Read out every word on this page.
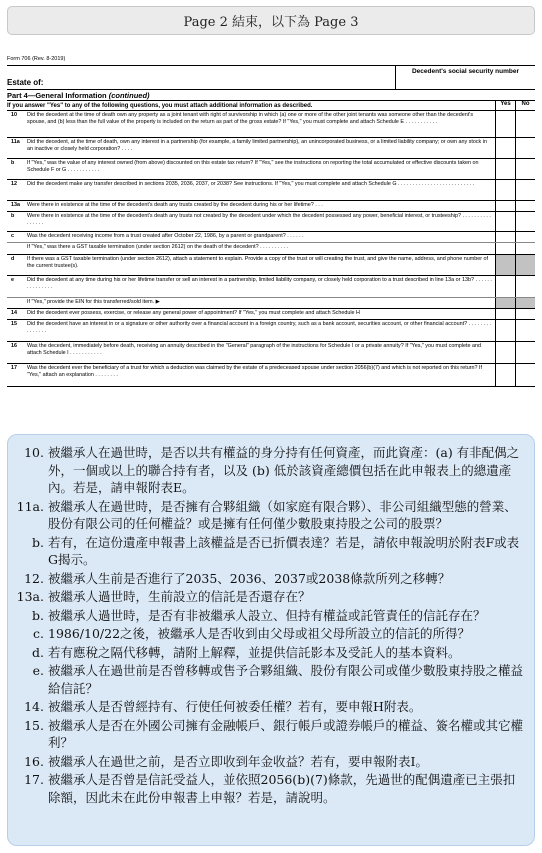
Page 2 結束，以下為 Page 3
Form 706 (Rev. 8-2019)
Estate of:
Decedent's social security number
Part 4—General Information (continued)
If you answer "Yes" to any of the following questions, you must attach additional information as described.	Yes	No
10	Did the decedent at the time of death own any property as a joint tenant with right of survivorship in which (a) one or more of the other joint tenants was someone other than the decedent's spouse, and (b) less than the full value of the property is included on the return as part of the gross estate? If "Yes," you must complete and attach Schedule E . . . . . . . . . . .
11a	Did the decedent, at the time of death, own any interest in a partnership (for example, a family limited partnership), an unincorporated business, or a limited liability company; or own any stock in an inactive or closely held corporation? . . . .
b	If "Yes," was the value of any interest owned (from above) discounted on this estate tax return? If "Yes," see the instructions on reporting the total accumulated or effective discounts taken on Schedule F or G . . . . . . . . . . .
12	Did the decedent make any transfer described in sections 2035, 2036, 2037, or 2038? See instructions. If "Yes," you must complete and attach Schedule G . . . . . . . . . . . . . . . . . . . . . . . . . .
13a	Were there in existence at the time of the decedent's death any trusts created by the decedent during his or her lifetime? . . .
b	Were there in existence at the time of the decedent's death any trusts not created by the decedent under which the decedent possessed any power, beneficial interest, or trusteeship? . . . . . . . . . . . . . . . .
c	Was the decedent receiving income from a trust created after October 22, 1986, by a parent or grandparent? . . . . . .
If "Yes," was there a GST taxable termination (under section 2612) on the death of the decedent? . . . . . . . . . .
d	If there was a GST taxable termination (under section 2612), attach a statement to explain. Provide a copy of the trust or will creating the trust, and give the name, address, and phone number of the current trustee(s).
e	Did the decedent at any time during his or her lifetime transfer or sell an interest in a partnership, limited liability company, or closely held corporation to a trust described in line 13a or 13b? . . . . . . . . . . . . . . .
If "Yes," provide the EIN for this transferred/sold item. ▶
14	Did the decedent ever possess, exercise, or release any general power of appointment? If "Yes," you must complete and attach Schedule H
15	Did the decedent have an interest in or a signature or other authority over a financial account in a foreign country, such as a bank account, securities account, or other financial account? . . . . . . . . . . . . . . .
16	Was the decedent, immediately before death, receiving an annuity described in the "General" paragraph of the instructions for Schedule I or a private annuity? If "Yes," you must complete and attach Schedule I . . . . . . . . . . .
17	Was the decedent ever the beneficiary of a trust for which a deduction was claimed by the estate of a predeceased spouse under section 2056(b)(7) and which is not reported on this return? If "Yes," attach an explanation . . . . . . . .
10. 被繼承人在過世時，是否以共有權益的身分持有任何資產，而此資產：(a) 有非配偶之外，一個或以上的聯合持有者，以及 (b) 低於該資產總價包括在此申報表上的總遺產內。若是，請申報附表E。
11a. 被繼承人在過世時，是否擁有合夥組織（如家庭有限合夥）、非公司組織型態的營業、股份有限公司的任何權益？或是擁有任何僅少數股東持股之公司的股票？
b. 若有，在這份遺產申報書上該權益是否已折價表達？若是，請依申報說明於附表F或表G揭示。
12. 被繼承人生前是否進行了2035、2036、2037或2038條款所列之移轉？
13a. 被繼承人過世時，生前設立的信託是否還存在？
b. 被繼承人過世時，是否有非被繼承人設立、但持有權益或託管責任的信託存在？
c. 1986/10/22之後，被繼承人是否收到由父母或祖父母所設立的信託的所得？
d. 若有應稅之隔代移轉，請附上解釋，並提供信託影本及受託人的基本資料。
e. 被繼承人在過世前是否曾移轉或售予合夥組織、股份有限公司或僅少數股東持股之權益給信託？
14. 被繼承人是否曾經持有、行使任何被委任權？若有，要申報H附表。
15. 被繼承人是否在外國公司擁有金融帳戶、銀行帳戶或證券帳戶的權益、簽名權或其它權利？
16. 被繼承人在過世之前，是否立即收到年金收益？若有，要申報附表I。
17. 被繼承人是否曾是信託受益人，並依照2056(b)(7)條款，先過世的配偶遺產已主張扣除額，因此未在此份申報書上申報？若是，請說明。
